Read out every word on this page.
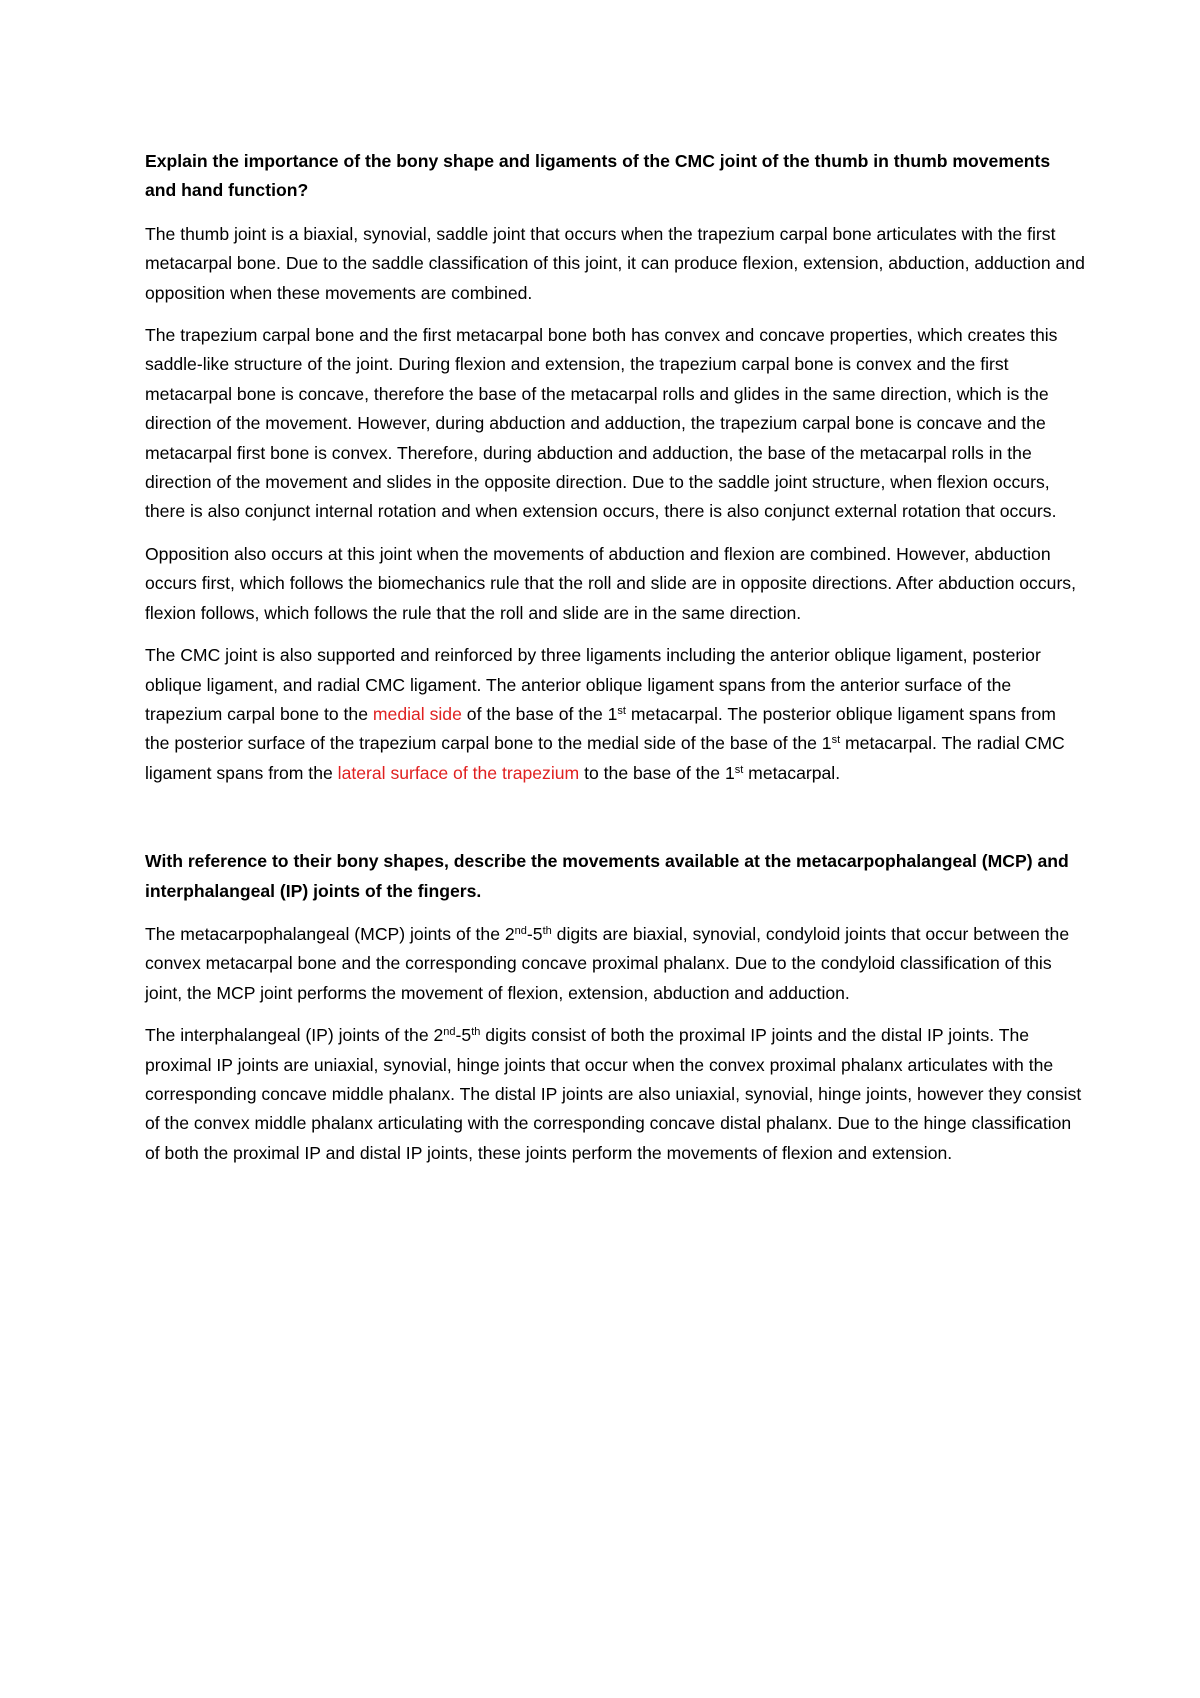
Explain the importance of the bony shape and ligaments of the CMC joint of the thumb in thumb movements and hand function?

The thumb joint is a biaxial, synovial, saddle joint that occurs when the trapezium carpal bone articulates with the first metacarpal bone. Due to the saddle classification of this joint, it can produce flexion, extension, abduction, adduction and opposition when these movements are combined.

The trapezium carpal bone and the first metacarpal bone both has convex and concave properties, which creates this saddle-like structure of the joint. During flexion and extension, the trapezium carpal bone is convex and the first metacarpal bone is concave, therefore the base of the metacarpal rolls and glides in the same direction, which is the direction of the movement. However, during abduction and adduction, the trapezium carpal bone is concave and the metacarpal first bone is convex. Therefore, during abduction and adduction, the base of the metacarpal rolls in the direction of the movement and slides in the opposite direction. Due to the saddle joint structure, when flexion occurs, there is also conjunct internal rotation and when extension occurs, there is also conjunct external rotation that occurs.

Opposition also occurs at this joint when the movements of abduction and flexion are combined. However, abduction occurs first, which follows the biomechanics rule that the roll and slide are in opposite directions. After abduction occurs, flexion follows, which follows the rule that the roll and slide are in the same direction.

The CMC joint is also supported and reinforced by three ligaments including the anterior oblique ligament, posterior oblique ligament, and radial CMC ligament. The anterior oblique ligament spans from the anterior surface of the trapezium carpal bone to the medial side of the base of the 1st metacarpal. The posterior oblique ligament spans from the posterior surface of the trapezium carpal bone to the medial side of the base of the 1st metacarpal. The radial CMC ligament spans from the lateral surface of the trapezium to the base of the 1st metacarpal.

With reference to their bony shapes, describe the movements available at the metacarpophalangeal (MCP) and interphalangeal (IP) joints of the fingers.

The metacarpophalangeal (MCP) joints of the 2nd-5th digits are biaxial, synovial, condyloid joints that occur between the convex metacarpal bone and the corresponding concave proximal phalanx. Due to the condyloid classification of this joint, the MCP joint performs the movement of flexion, extension, abduction and adduction.

The interphalangeal (IP) joints of the 2nd-5th digits consist of both the proximal IP joints and the distal IP joints. The proximal IP joints are uniaxial, synovial, hinge joints that occur when the convex proximal phalanx articulates with the corresponding concave middle phalanx. The distal IP joints are also uniaxial, synovial, hinge joints, however they consist of the convex middle phalanx articulating with the corresponding concave distal phalanx. Due to the hinge classification of both the proximal IP and distal IP joints, these joints perform the movements of flexion and extension.
